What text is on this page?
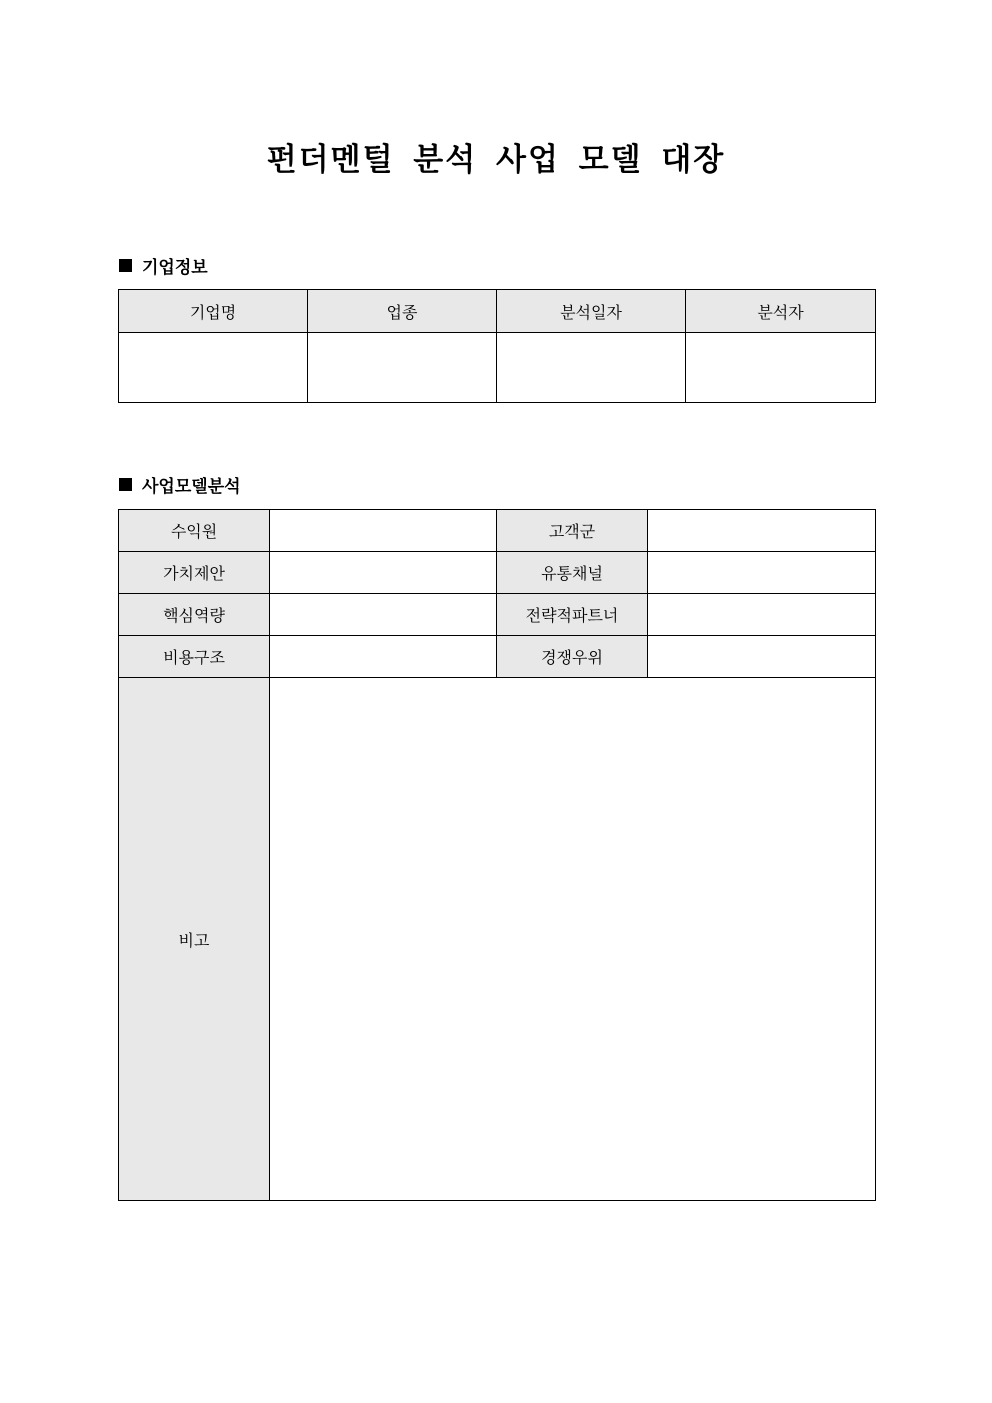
펀더멘털 분석 사업 모델 대장
기업정보
기업명	업종	분석일자	분석자

사업모델분석
수익원		고객군	
가치제안		유통채널	
핵심역량		전략적파트너	
비용구조		경쟁우위	
비고			
